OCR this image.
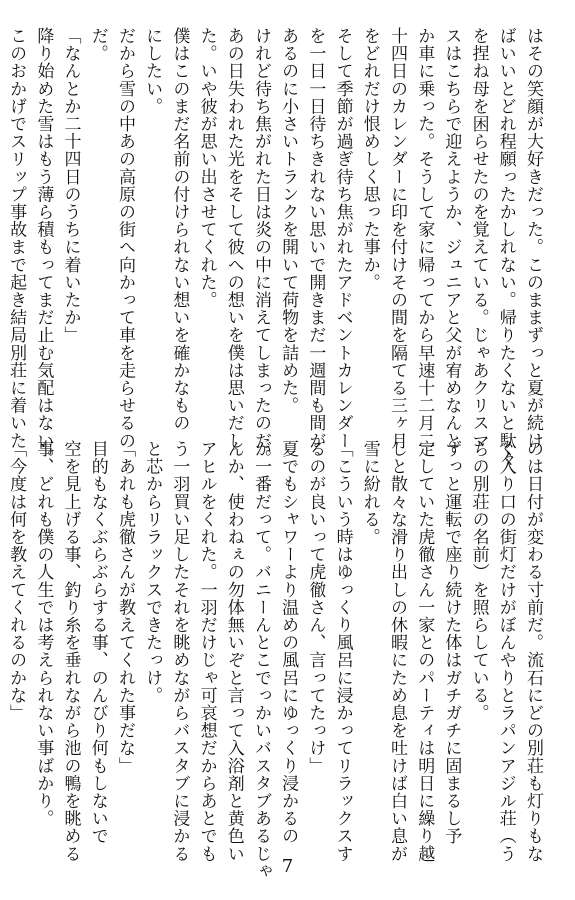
はその笑顔が大好きだった。このままずっと夏が続け
ばいいとどれ程願ったかしれない。帰りたくないと駄々
を捏ね母を困らせたのを覚えている。じゃあクリスマ
スはこちらで迎えようか、ジュニアと父が宥めなんと
か車に乗った。そうして家に帰ってから早速十二月二
十四日のカレンダーに印を付けその間を隔てる三ヶ月
をどれだけ恨めしく思った事か。
そして季節が過ぎ待ち焦がれたアドベントカレンダー
を一日一日待ちきれない思いで開きまだ一週間も間が
あるのに小さいトランクを開いて荷物を詰めた。
けれど待ち焦がれた日は炎の中に消えてしまったのだ。
あの日失われた光をそして彼への想いを僕は思いだし
た。いや彼が思い出させてくれた。
僕はこのまだ名前の付けられない想いを確かなもの
にしたい。
だから雪の中あの高原の街へ向かって車を走らせるの
だ。
「なんとか二十四日のうちに着いたか」
降り始めた雪はもう薄ら積もってまだ止む気配はない。
このおかげでスリップ事故まで起き結局別荘に着いた
のは日付が変わる寸前だ。流石にどの別荘も灯りもな
く入り口の街灯だけがぼんやりとラパンアジル荘（う
ちの別荘の名前）を照らしている。
ずっと運転で座り続けた体はガチガチに固まるし予
定していた虎徹さん一家とのパーティは明日に繰り越
しと散々な滑り出しの休暇にため息を吐けば白い息が
雪に紛れる。
「こういう時はゆっくり風呂に浸かってリラックスす
るのが良いって虎徹さん、言ってたっけ」
夏でもシャワーより温めの風呂にゆっくり浸かるの
が一番だって。バニーんとこでっかいバスタブあるじゃ
んか、使わねぇの勿体無いぞと言って入浴剤と黄色い
アヒルをくれた。一羽だけじゃ可哀想だからあとでも
う一羽買い足したそれを眺めながらバスタブに浸かる
と芯からリラックスできたっけ。
「あれも虎徹さんが教えてくれた事だな」
目的もなくぶらぶらする事、のんびり何もしないで
空を見上げる事、釣り糸を垂れながら池の鴨を眺める
事、どれも僕の人生では考えられない事ばかり。
「今度は何を教えてくれるのかな」
7
